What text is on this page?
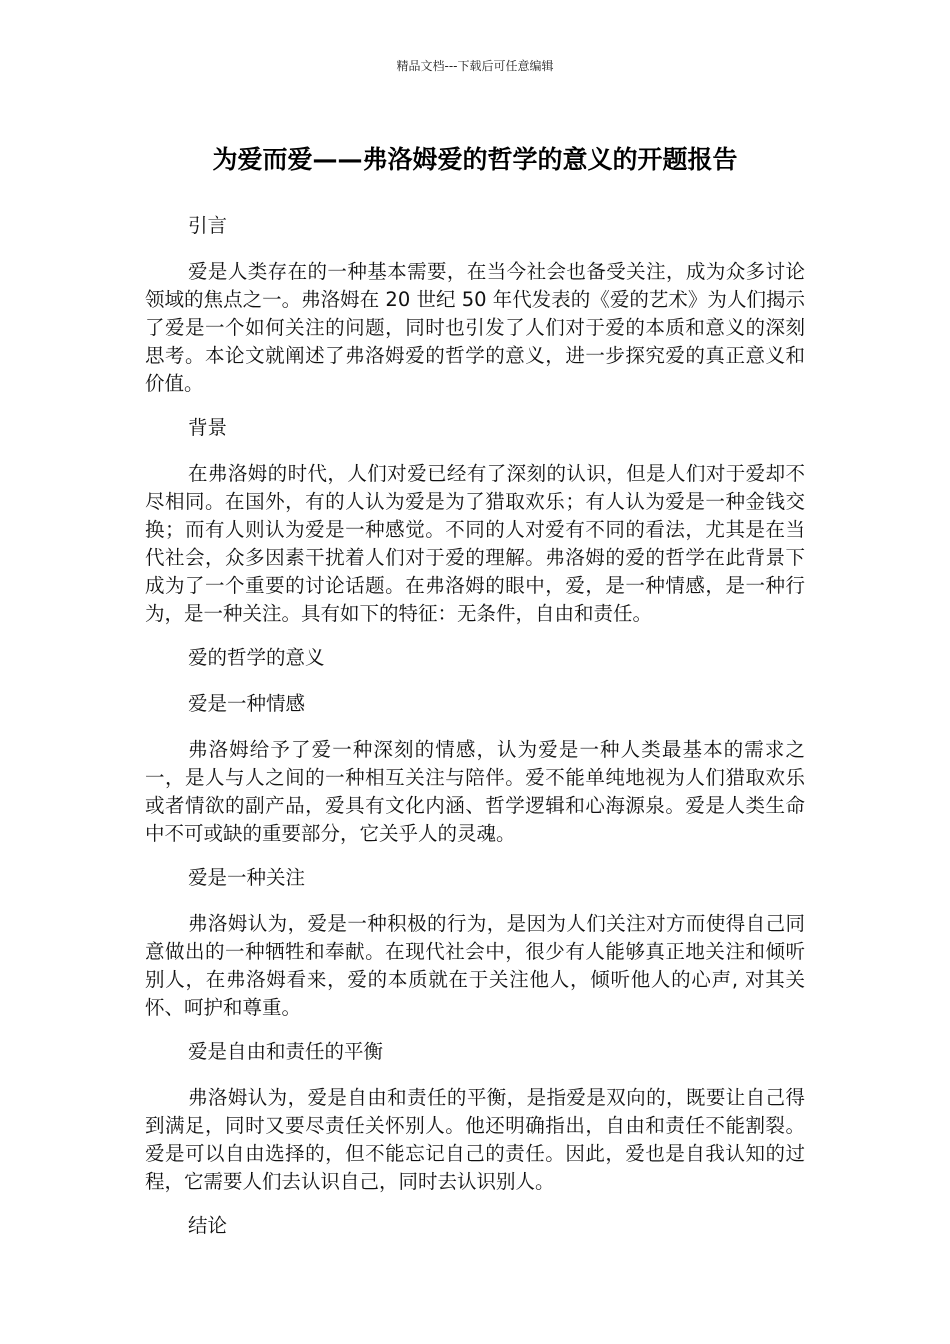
精品文档---下载后可任意编辑
为爱而爱——弗洛姆爱的哲学的意义的开题报告

引言

爱是人类存在的一种基本需要，在当今社会也备受关注，成为众多讨论领域的焦点之一。弗洛姆在 20 世纪 50 年代发表的《爱的艺术》为人们揭示了爱是一个如何关注的问题，同时也引发了人们对于爱的本质和意义的深刻思考。本论文就阐述了弗洛姆爱的哲学的意义，进一步探究爱的真正意义和价值。

背景

在弗洛姆的时代，人们对爱已经有了深刻的认识，但是人们对于爱却不尽相同。在国外，有的人认为爱是为了猎取欢乐；有人认为爱是一种金钱交换；而有人则认为爱是一种感觉。不同的人对爱有不同的看法，尤其是在当代社会，众多因素干扰着人们对于爱的理解。弗洛姆的爱的哲学在此背景下成为了一个重要的讨论话题。在弗洛姆的眼中，爱，是一种情感，是一种行为，是一种关注。具有如下的特征：无条件，自由和责任。

爱的哲学的意义

爱是一种情感

弗洛姆给予了爱一种深刻的情感，认为爱是一种人类最基本的需求之一，是人与人之间的一种相互关注与陪伴。爱不能单纯地视为人们猎取欢乐或者情欲的副产品，爱具有文化内涵、哲学逻辑和心海源泉。爱是人类生命中不可或缺的重要部分，它关乎人的灵魂。

爱是一种关注

弗洛姆认为，爱是一种积极的行为，是因为人们关注对方而使得自己同意做出的一种牺牲和奉献。在现代社会中，很少有人能够真正地关注和倾听别人，在弗洛姆看来，爱的本质就在于关注他人，倾听他人的心声, 对其关怀、呵护和尊重。

爱是自由和责任的平衡

弗洛姆认为，爱是自由和责任的平衡，是指爱是双向的，既要让自己得到满足，同时又要尽责任关怀别人。他还明确指出，自由和责任不能割裂。爱是可以自由选择的，但不能忘记自己的责任。因此，爱也是自我认知的过程，它需要人们去认识自己，同时去认识别人。

结论
